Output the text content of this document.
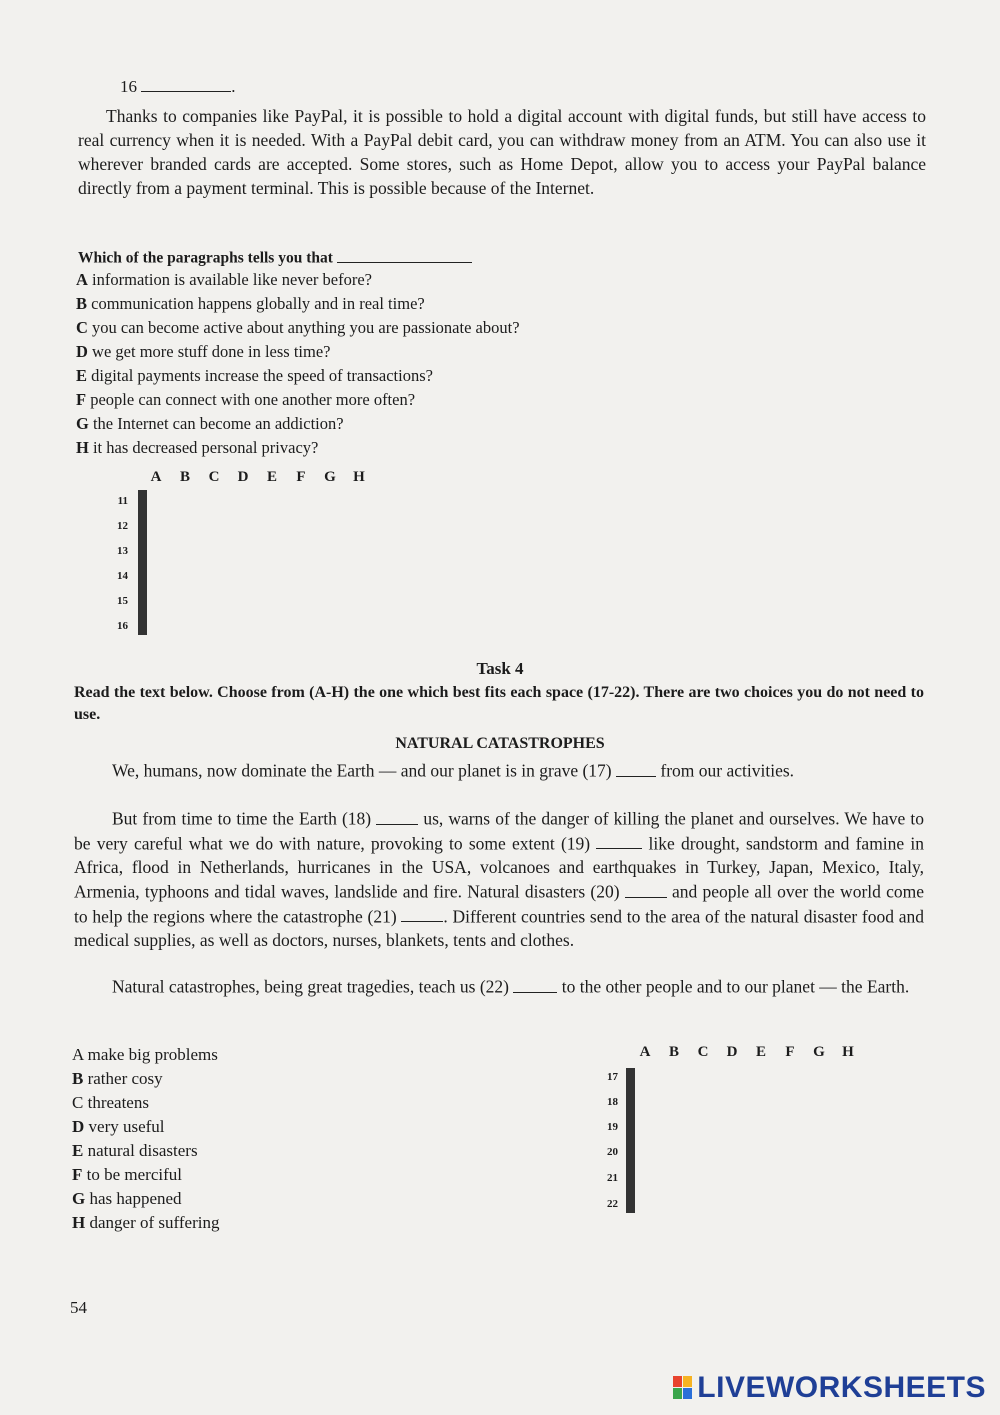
16	.
Thanks to companies like PayPal, it is possible to hold a digital account with digital funds, but still have access to real currency when it is needed. With a PayPal debit card, you can withdraw money from an ATM. You can also use it wherever branded cards are accepted. Some stores, such as Home Depot, allow you to access your PayPal balance directly from a payment terminal. This is possible because of the Internet.
Which of the paragraphs tells you that
A information is available like never before?
B communication happens globally and in real time?
C you can become active about anything you are passionate about?
D we get more stuff done in less time?
E digital payments increase the speed of transactions?
F people can connect with one another more often?
G the Internet can become an addiction?
H it has decreased personal privacy?
A	B	C	D	E	F	G H
11
12
13
14
15
16

Task 4
Read the text below. Choose from (A-H) the one which best fits each space (17-22). There are two choices you do not need to use.
NATURAL CATASTROPHES
We, humans, now dominate the Earth — and our planet is in grave (17)	from our activities.
But from time to time the Earth (18)	us, warns of the danger of killing the planet and ourselves. We have to be very careful what we do with nature, provoking to some extent (19)	like drought, sandstorm and famine in Africa, flood in Netherlands, hurricanes in the USA, volcanoes and earthquakes in Turkey, Japan, Mexico, Italy, Armenia, typhoons and tidal waves, landslide and fire. Natural disasters (20)	and people all over the world come to help the regions where the catastrophe (21)	. Different countries send to the area of the natural disaster food and medical supplies, as well as doctors, nurses, blankets, tents and clothes.
Natural catastrophes, being great tragedies, teach us (22)	to the other people and to our planet — the Earth.
A make big problems
B rather cosy
C threatens
D very useful
E natural disasters
F to be merciful
G has happened
H danger of suffering
A	B	C	D	E	F	G H
17
18
19
20
21
22

54
LIVEWORKSHEETS
